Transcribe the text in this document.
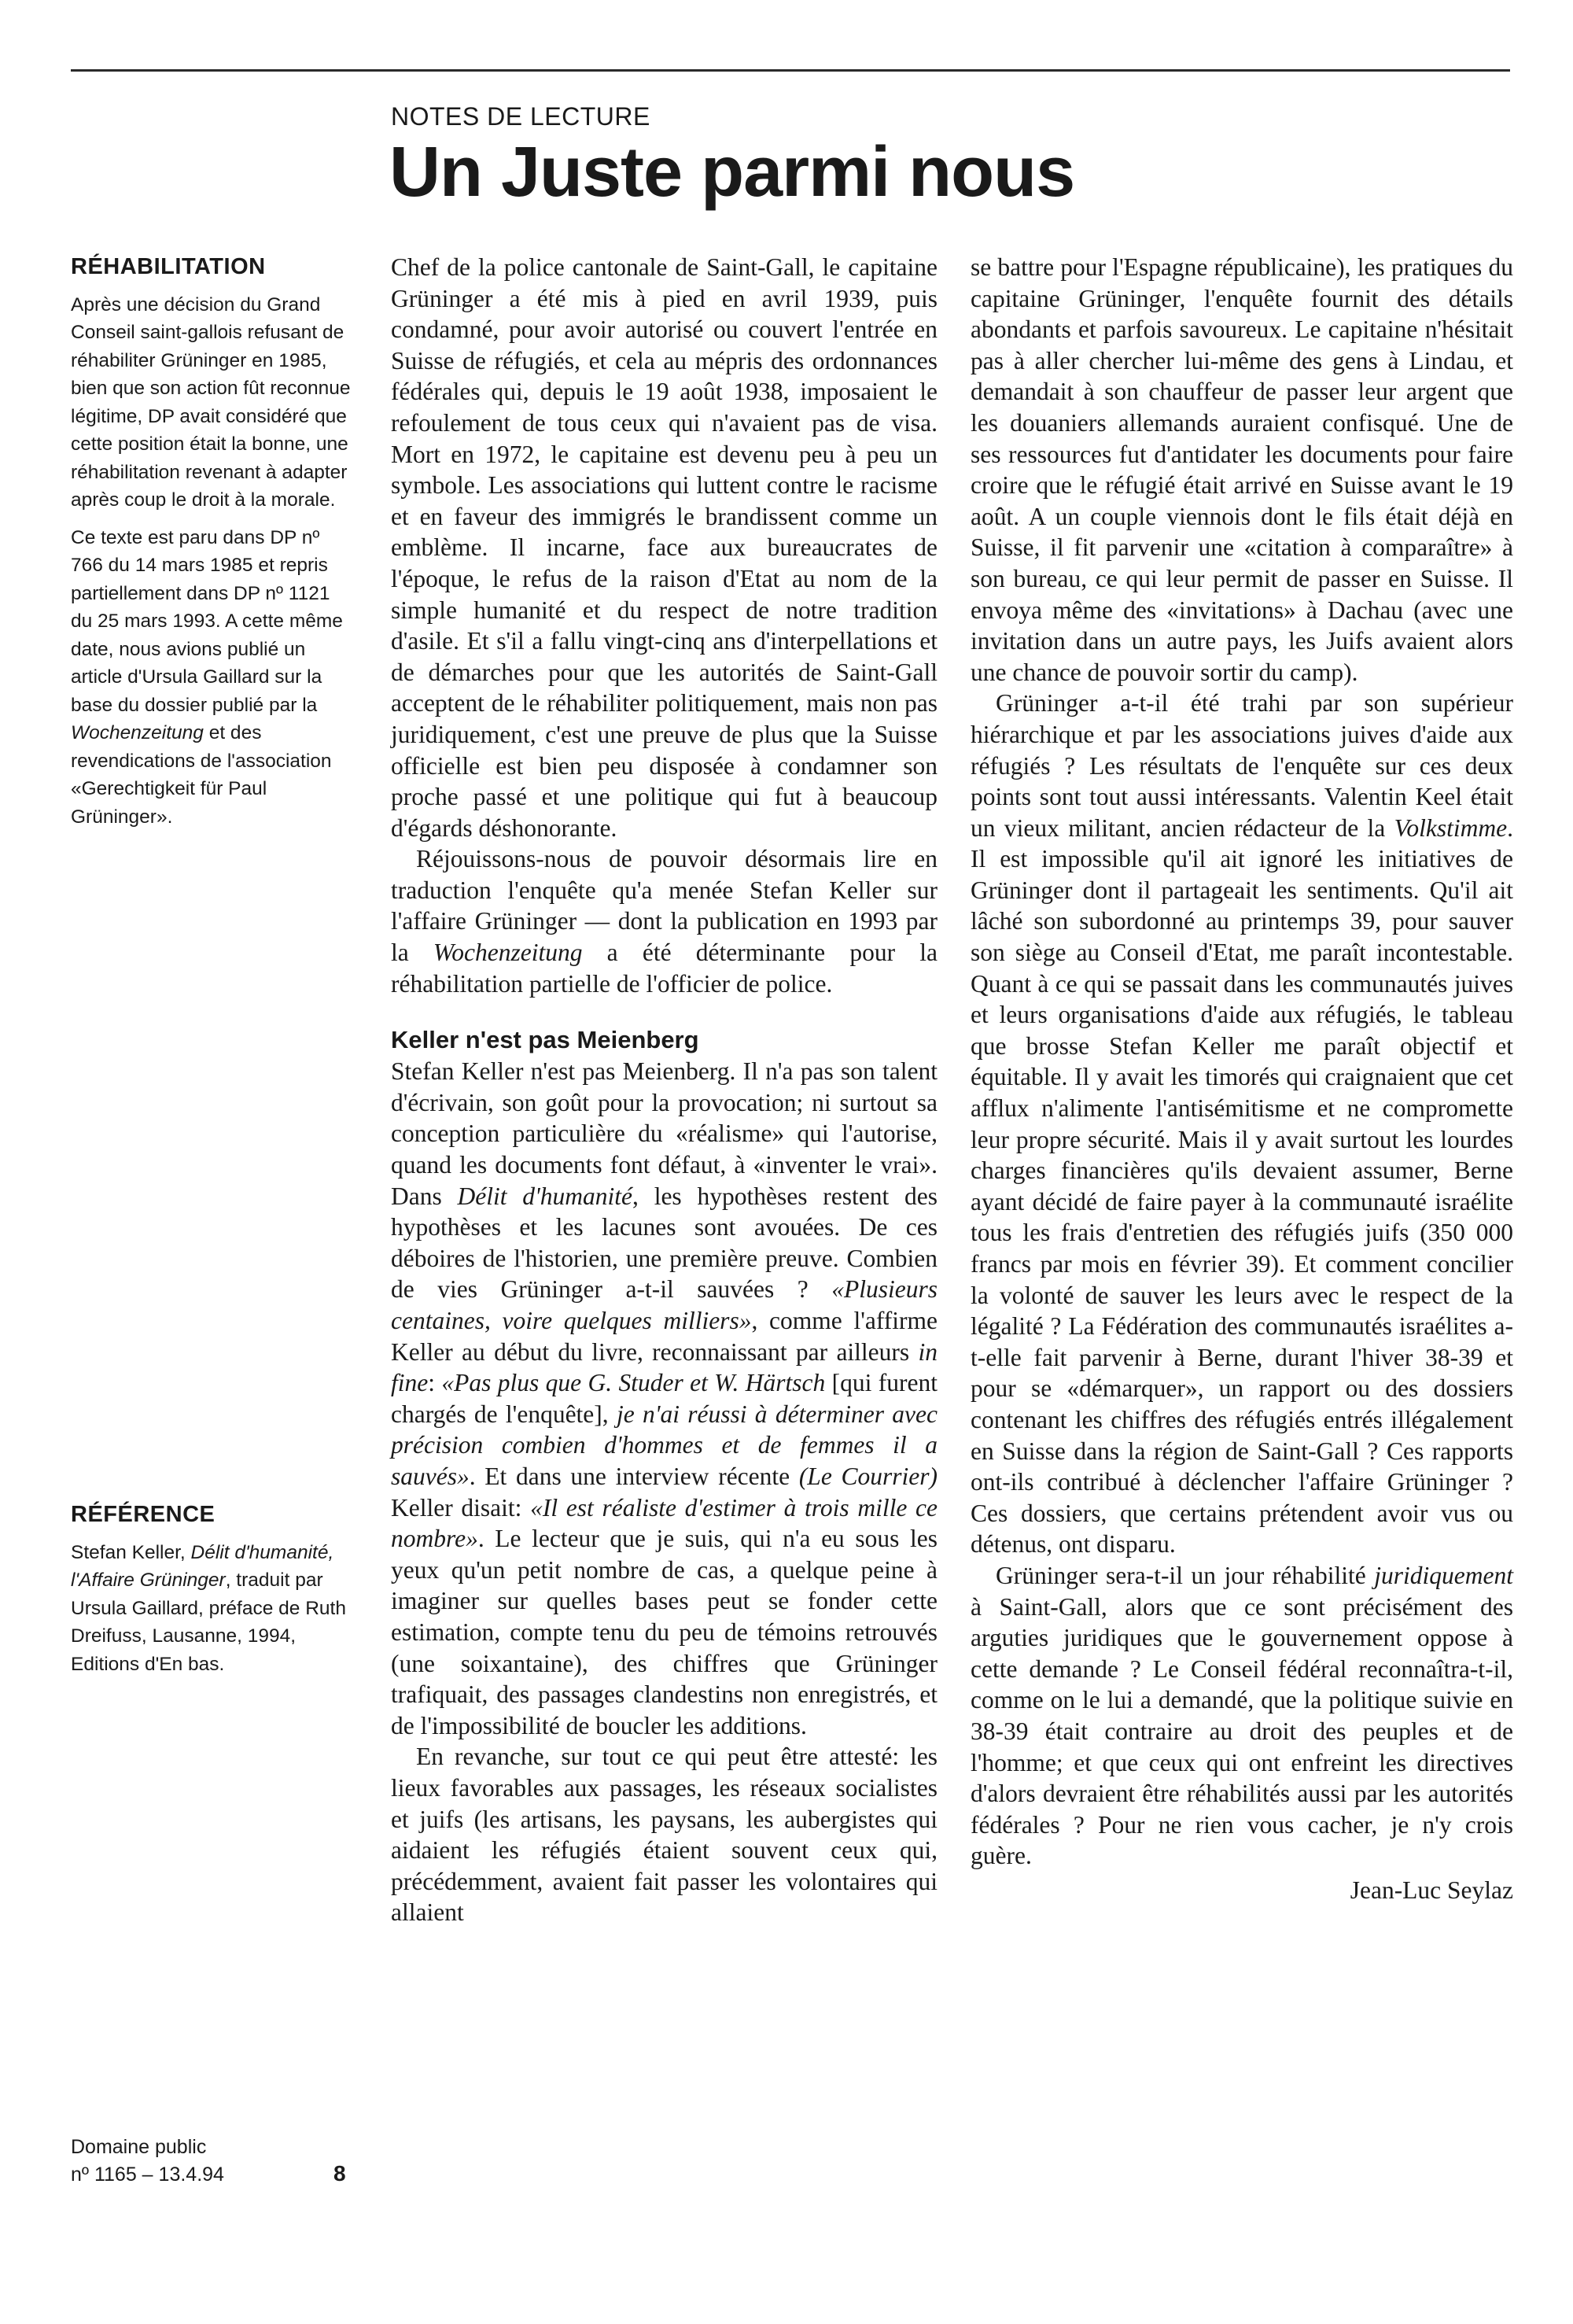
NOTES DE LECTURE
Un Juste parmi nous
RÉHABILITATION

Après une décision du Grand Conseil saint-gallois refusant de réhabiliter Grüninger en 1985, bien que son action fût reconnue légitime, DP avait considéré que cette position était la bonne, une réhabilitation revenant à adapter après coup le droit à la morale.

Ce texte est paru dans DP nº 766 du 14 mars 1985 et repris partiellement dans DP nº 1121 du 25 mars 1993. A cette même date, nous avions publié un article d'Ursula Gaillard sur la base du dossier publié par la Wochenzeitung et des revendications de l'association «Gerechtigkeit für Paul Grüninger».

RÉFÉRENCE

Stefan Keller, Délit d'humanité, l'Affaire Grüninger, traduit par Ursula Gaillard, préface de Ruth Dreifuss, Lausanne, 1994, Editions d'En bas.

Domaine public
nº 1165 – 13.4.94	8

Chef de la police cantonale de Saint-Gall, le capitaine Grüninger a été mis à pied en avril 1939, puis condamné, pour avoir autorisé ou couvert l'entrée en Suisse de réfugiés, et cela au mépris des ordonnances fédérales qui, depuis le 19 août 1938, imposaient le refoulement de tous ceux qui n'avaient pas de visa. Mort en 1972, le capitaine est devenu peu à peu un symbole. Les associations qui luttent contre le racisme et en faveur des immigrés le brandissent comme un emblème. Il incarne, face aux bureaucrates de l'époque, le refus de la raison d'Etat au nom de la simple humanité et du respect de notre tradition d'asile. Et s'il a fallu vingt-cinq ans d'interpellations et de démarches pour que les autorités de Saint-Gall acceptent de le réhabiliter politiquement, mais non pas juridiquement, c'est une preuve de plus que la Suisse officielle est bien peu disposée à condamner son proche passé et une politique qui fut à beaucoup d'égards déshonorante.

Réjouissons-nous de pouvoir désormais lire en traduction l'enquête qu'a menée Stefan Keller sur l'affaire Grüninger — dont la publication en 1993 par la Wochenzeitung a été déterminante pour la réhabilitation partielle de l'officier de police.

Keller n'est pas Meienberg

Stefan Keller n'est pas Meienberg. Il n'a pas son talent d'écrivain, son goût pour la provocation; ni surtout sa conception particulière du «réalisme» qui l'autorise, quand les documents font défaut, à «inventer le vrai». Dans Délit d'humanité, les hypothèses restent des hypothèses et les lacunes sont avouées. De ces déboires de l'historien, une première preuve. Combien de vies Grüninger a-t-il sauvées ? «Plusieurs centaines, voire quelques milliers», comme l'affirme Keller au début du livre, reconnaissant par ailleurs in fine: «Pas plus que G. Studer et W. Härtsch [qui furent chargés de l'enquête], je n'ai réussi à déterminer avec précision combien d'hommes et de femmes il a sauvés». Et dans une interview récente (Le Courrier) Keller disait: «Il est réaliste d'estimer à trois mille ce nombre». Le lecteur que je suis, qui n'a eu sous les yeux qu'un petit nombre de cas, a quelque peine à imaginer sur quelles bases peut se fonder cette estimation, compte tenu du peu de témoins retrouvés (une soixantaine), des chiffres que Grüninger trafiquait, des passages clandestins non enregistrés, et de l'impossibilité de boucler les additions.

En revanche, sur tout ce qui peut être attesté: les lieux favorables aux passages, les réseaux socialistes et juifs (les artisans, les paysans, les aubergistes qui aidaient les réfugiés étaient souvent ceux qui, précédemment, avaient fait passer les volontaires qui allaient

se battre pour l'Espagne républicaine), les pratiques du capitaine Grüninger, l'enquête fournit des détails abondants et parfois savoureux. Le capitaine n'hésitait pas à aller chercher lui-même des gens à Lindau, et demandait à son chauffeur de passer leur argent que les douaniers allemands auraient confisqué. Une de ses ressources fut d'antidater les documents pour faire croire que le réfugié était arrivé en Suisse avant le 19 août. A un couple viennois dont le fils était déjà en Suisse, il fit parvenir une «citation à comparaître» à son bureau, ce qui leur permit de passer en Suisse. Il envoya même des «invitations» à Dachau (avec une invitation dans un autre pays, les Juifs avaient alors une chance de pouvoir sortir du camp).

Grüninger a-t-il été trahi par son supérieur hiérarchique et par les associations juives d'aide aux réfugiés ? Les résultats de l'enquête sur ces deux points sont tout aussi intéressants. Valentin Keel était un vieux militant, ancien rédacteur de la Volkstimme. Il est impossible qu'il ait ignoré les initiatives de Grüninger dont il partageait les sentiments. Qu'il ait lâché son subordonné au printemps 39, pour sauver son siège au Conseil d'Etat, me paraît incontestable. Quant à ce qui se passait dans les communautés juives et leurs organisations d'aide aux réfugiés, le tableau que brosse Stefan Keller me paraît objectif et équitable. Il y avait les timorés qui craignaient que cet afflux n'alimente l'antisémitisme et ne compromette leur propre sécurité. Mais il y avait surtout les lourdes charges financières qu'ils devaient assumer, Berne ayant décidé de faire payer à la communauté israélite tous les frais d'entretien des réfugiés juifs (350 000 francs par mois en février 39). Et comment concilier la volonté de sauver les leurs avec le respect de la légalité ? La Fédération des communautés israélites a-t-elle fait parvenir à Berne, durant l'hiver 38-39 et pour se «démarquer», un rapport ou des dossiers contenant les chiffres des réfugiés entrés illégalement en Suisse dans la région de Saint-Gall ? Ces rapports ont-ils contribué à déclencher l'affaire Grüninger ? Ces dossiers, que certains prétendent avoir vus ou détenus, ont disparu.

Grüninger sera-t-il un jour réhabilité juridiquement à Saint-Gall, alors que ce sont précisément des arguties juridiques que le gouvernement oppose à cette demande ? Le Conseil fédéral reconnaîtra-t-il, comme on le lui a demandé, que la politique suivie en 38-39 était contraire au droit des peuples et de l'homme; et que ceux qui ont enfreint les directives d'alors devraient être réhabilités aussi par les autorités fédérales ? Pour ne rien vous cacher, je n'y crois guère.

Jean-Luc Seylaz
